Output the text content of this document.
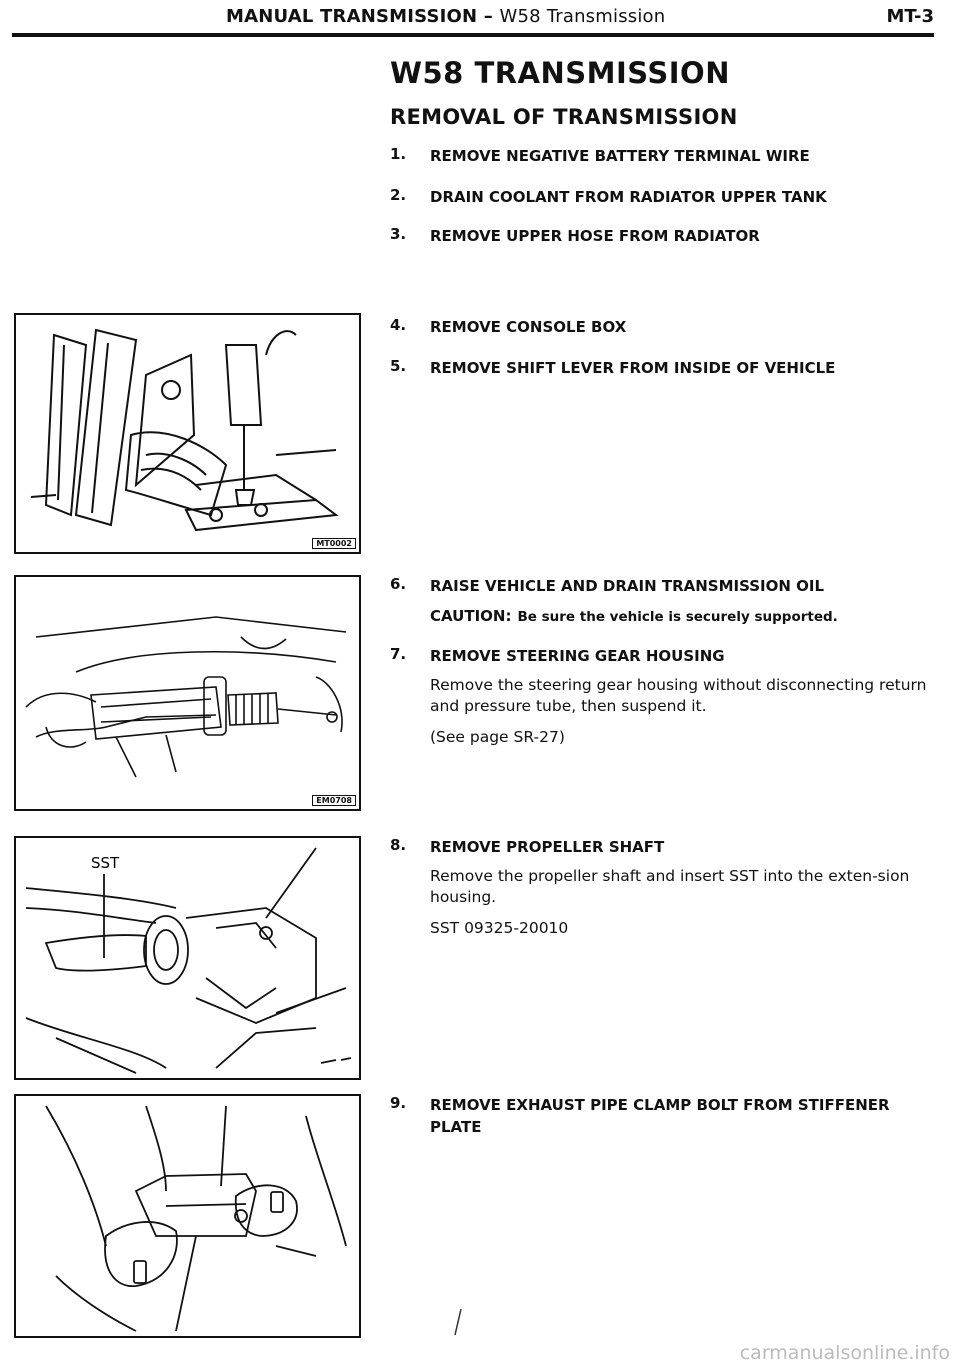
MANUAL TRANSMISSION – W58 Transmission	MT-3
W58 TRANSMISSION
REMOVAL OF TRANSMISSION
1. REMOVE NEGATIVE BATTERY TERMINAL WIRE
2. DRAIN COOLANT FROM RADIATOR UPPER TANK
3. REMOVE UPPER HOSE FROM RADIATOR
4. REMOVE CONSOLE BOX
5. REMOVE SHIFT LEVER FROM INSIDE OF VEHICLE
6. RAISE VEHICLE AND DRAIN TRANSMISSION OIL
CAUTION: Be sure the vehicle is securely supported.
7. REMOVE STEERING GEAR HOUSING
Remove the steering gear housing without disconnecting return and pressure tube, then suspend it.
(See page SR-27)
8. REMOVE PROPELLER SHAFT
Remove the propeller shaft and insert SST into the exten-sion housing.
SST 09325-20010
9. REMOVE EXHAUST PIPE CLAMP BOLT FROM STIFFENER PLATE
MT0002
EM0708
SST
carmanualsonline.info
